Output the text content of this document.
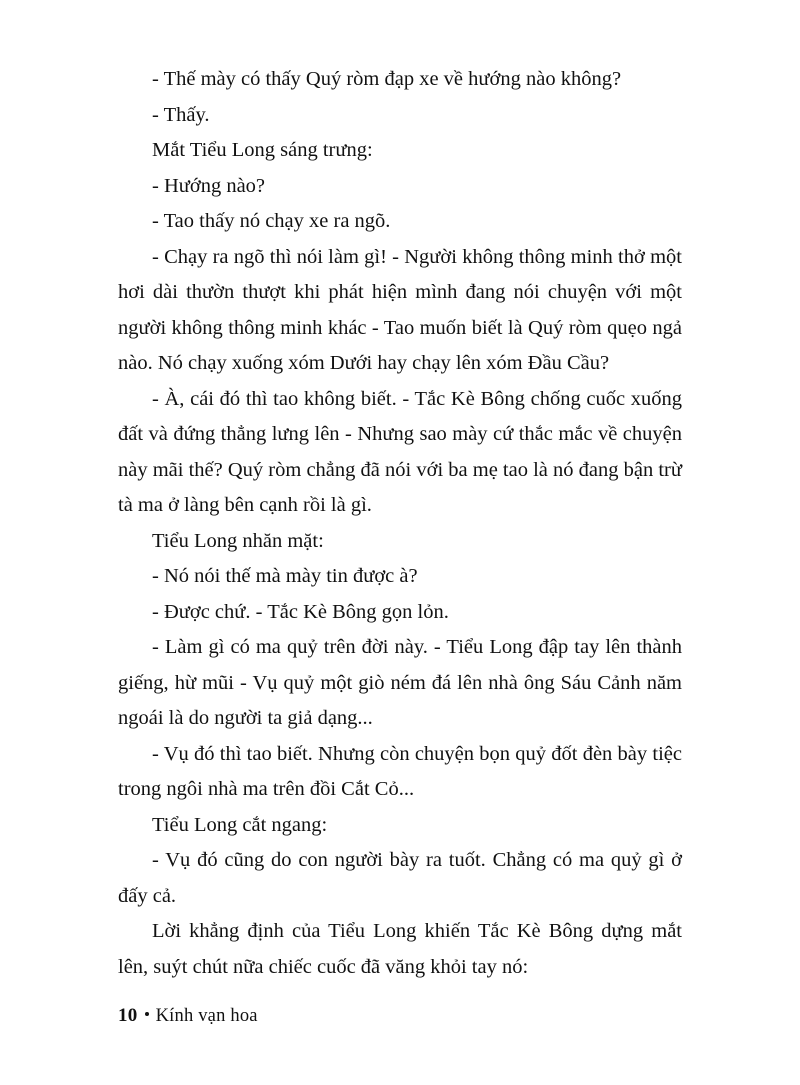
- Thế mày có thấy Quý ròm đạp xe về hướng nào không?

- Thấy.

Mắt Tiểu Long sáng trưng:

- Hướng nào?

- Tao thấy nó chạy xe ra ngõ.

- Chạy ra ngõ thì nói làm gì! - Người không thông minh thở một hơi dài thườn thượt khi phát hiện mình đang nói chuyện với một người không thông minh khác - Tao muốn biết là Quý ròm quẹo ngả nào. Nó chạy xuống xóm Dưới hay chạy lên xóm Đầu Cầu?

- À, cái đó thì tao không biết. - Tắc Kè Bông chống cuốc xuống đất và đứng thẳng lưng lên - Nhưng sao mày cứ thắc mắc về chuyện này mãi thế? Quý ròm chẳng đã nói với ba mẹ tao là nó đang bận trừ tà ma ở làng bên cạnh rồi là gì.

Tiểu Long nhăn mặt:

- Nó nói thế mà mày tin được à?

- Được chứ. - Tắc Kè Bông gọn lỏn.

- Làm gì có ma quỷ trên đời này. - Tiểu Long đập tay lên thành giếng, hừ mũi - Vụ quỷ một giò ném đá lên nhà ông Sáu Cảnh năm ngoái là do người ta giả dạng...

- Vụ đó thì tao biết. Nhưng còn chuyện bọn quỷ đốt đèn bày tiệc trong ngôi nhà ma trên đồi Cắt Cỏ...

Tiểu Long cắt ngang:

- Vụ đó cũng do con người bày ra tuốt. Chẳng có ma quỷ gì ở đấy cả.

Lời khẳng định của Tiểu Long khiến Tắc Kè Bông dựng mắt lên, suýt chút nữa chiếc cuốc đã văng khỏi tay nó:

10 Kính vạn hoa
